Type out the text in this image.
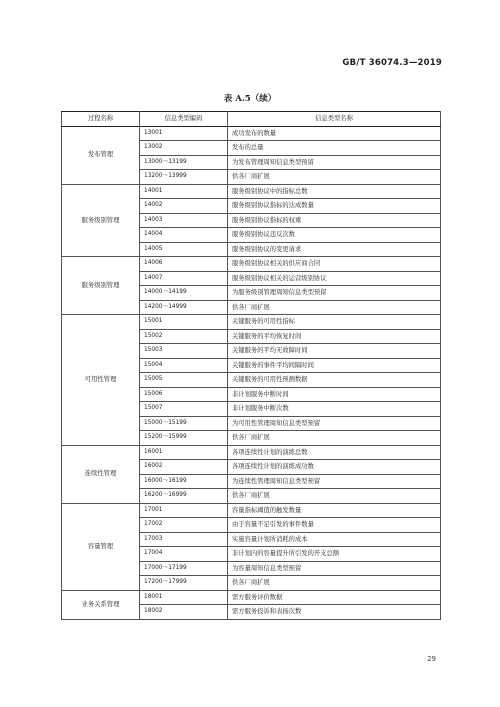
GB/T 36074.3—2019
表 A.5（续）
过程名称	信息类型编码	信息类型名称
发布管理	13001	成功发布的数量
	13002	发布的总量
	13000～13199	为发布管理周知信息类型预留
	13200～13999	供各厂商扩展
服务级别管理	14001	服务级别协议中的指标总数
	14002	服务级别协议指标的达成数量
	14003	服务级别协议指标的权重
	14004	服务级别协议违反次数
	14005	服务级别协议的变更请求
服务级别管理	14006	服务级别协议相关的供应商合同
	14007	服务级别协议相关的运营级别协议
	14000～14199	为服务级别管理周知信息类型预留
	14200～14999	供各厂商扩展
可用性管理	15001	关键服务的可用性指标
	15002	关键服务的平均恢复时间
	15003	关键服务的平均无故障时间
	15004	关键服务的事件平均间隔时间
	15005	关键服务的可用性预测数据
	15006	非计划服务中断时间
	15007	非计划服务中断次数
	15000～15199	为可用性管理周知信息类型预留
	15200～15999	供各厂商扩展
连续性管理	16001	各项连续性计划的演练总数
	16002	各项连续性计划的演练成功数
	16000～16199	为连续性管理周知信息类型预留
	16200～16999	供各厂商扩展
容量管理	17001	容量指标阈值的触发数量
	17002	由于容量不足引发的事件数量
	17003	实施容量计划所消耗的成本
	17004	非计划内的容量提升所引发的开支总额
	17000～17199	为容量周知信息类型预留
	17200～17999	供各厂商扩展
业务关系管理	18001	需方服务评价数据
	18002	需方服务投诉和表扬次数
29
